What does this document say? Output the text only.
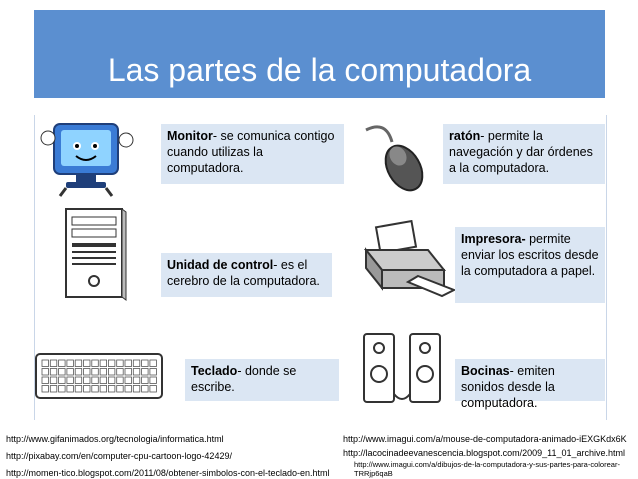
Las partes de la computadora
Monitor- se comunica contigo cuando utilizas la computadora.
ratón- permite la navegación y dar órdenes a la computadora.
Unidad de control- es el cerebro de la computadora.
Impresora- permite enviar los escritos desde la computadora a papel.
Teclado- donde se escribe.
Bocinas- emiten sonidos desde la computadora.
http://www.gifanimados.org/tecnologia/informatica.html
http://pixabay.com/en/computer-cpu-cartoon-logo-42429/
http://momen-tico.blogspot.com/2011/08/obtener-simbolos-con-el-teclado-en.html
http://www.imagui.com/a/mouse-de-computadora-animado-iEXGKdx6K
http://lacocinadeevanescencia.blogspot.com/2009_11_01_archive.html
http://www.imagui.com/a/dibujos-de-la-computadora-y-sus-partes-para-colorear-TRRjp6qaB
